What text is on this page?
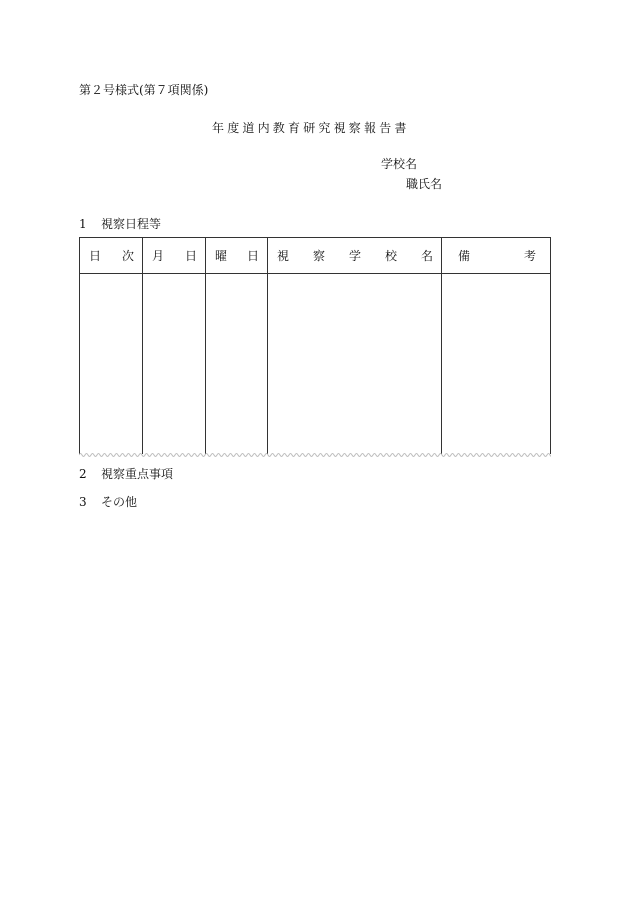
第２号様式(第７項関係)
年度道内教育研究視察報告書
学校名
職氏名
1 視察日程等
日 次 月 日 曜 日 視 察 学 校 名 備	考
2 視察重点事項
3 その他
